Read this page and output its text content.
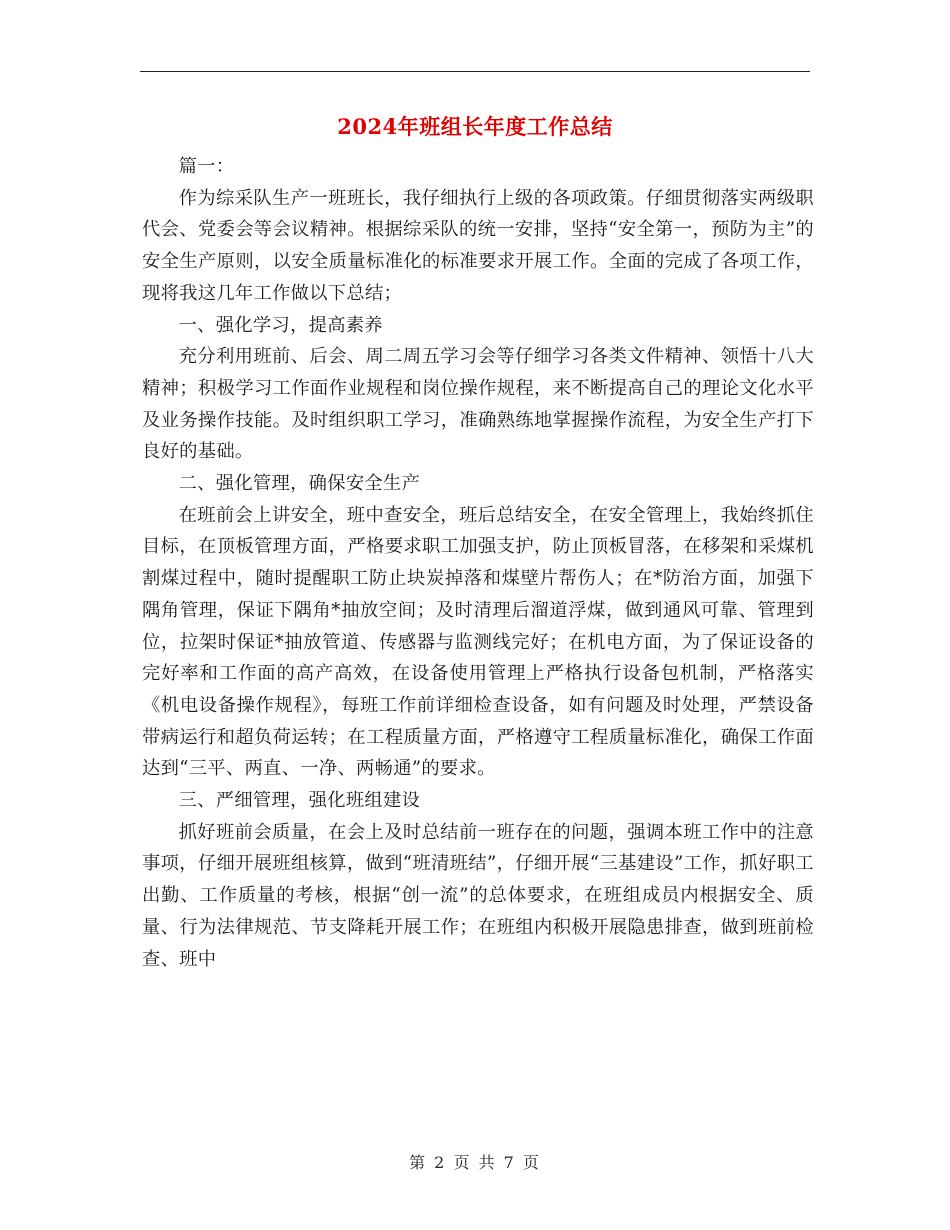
2024年班组长年度工作总结

篇一：

作为综采队生产一班班长，我仔细执行上级的各项政策。仔细贯彻落实两级职代会、党委会等会议精神。根据综采队的统一安排，坚持“安全第一，预防为主”的安全生产原则，以安全质量标准化的标准要求开展工作。全面的完成了各项工作，现将我这几年工作做以下总结；

一、强化学习，提高素养

充分利用班前、后会、周二周五学习会等仔细学习各类文件精神、领悟十八大精神；积极学习工作面作业规程和岗位操作规程，来不断提高自己的理论文化水平及业务操作技能。及时组织职工学习，准确熟练地掌握操作流程，为安全生产打下良好的基础。

二、强化管理，确保安全生产

在班前会上讲安全，班中查安全，班后总结安全，在安全管理上，我始终抓住目标，在顶板管理方面，严格要求职工加强支护，防止顶板冒落，在移架和采煤机割煤过程中，随时提醒职工防止块炭掉落和煤壁片帮伤人；在*防治方面，加强下隅角管理，保证下隅角*抽放空间；及时清理后溜道浮煤，做到通风可靠、管理到位，拉架时保证*抽放管道、传感器与监测线完好；在机电方面，为了保证设备的完好率和工作面的高产高效，在设备使用管理上严格执行设备包机制，严格落实《机电设备操作规程》，每班工作前详细检查设备，如有问题及时处理，严禁设备带病运行和超负荷运转；在工程质量方面，严格遵守工程质量标准化，确保工作面达到“三平、两直、一净、两畅通”的要求。

三、严细管理，强化班组建设

抓好班前会质量，在会上及时总结前一班存在的问题，强调本班工作中的注意事项，仔细开展班组核算，做到“班清班结”，仔细开展“三基建设”工作，抓好职工出勤、工作质量的考核，根据“创一流”的总体要求，在班组成员内根据安全、质量、行为法律规范、节支降耗开展工作；在班组内积极开展隐患排查，做到班前检查、班中

第 2 页 共 7 页
